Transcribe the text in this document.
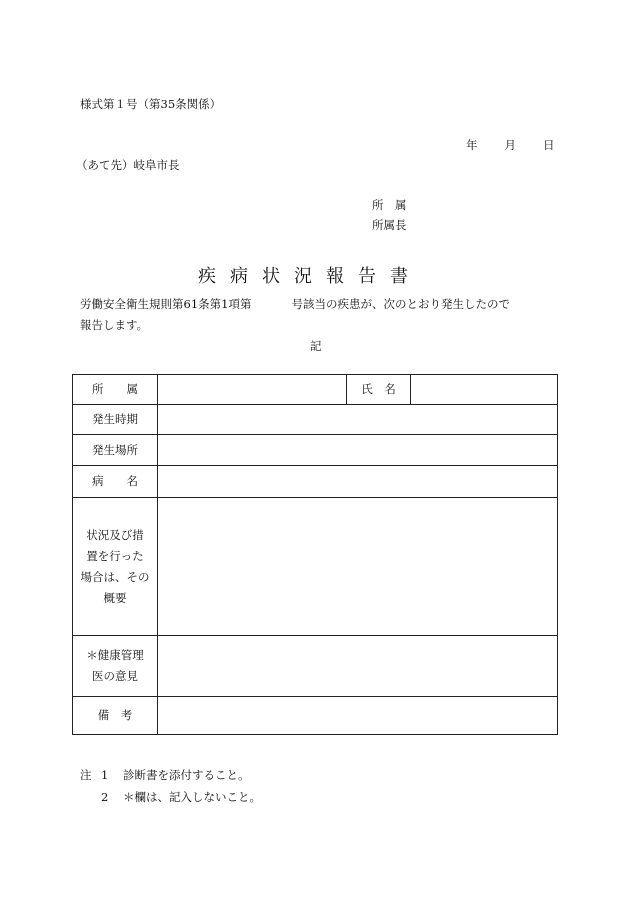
様式第１号（第35条関係）
年 月 日
（あて先）岐阜市長
所　属
所属長
疾病状況報告書
労働安全衛生規則第61条第1項第	号該当の疾患が、次のとおり発生したので
報告します。
記
所　　属		氏　名	
発生時期			
発生場所			
病　　名			

状況及び措
置を行った
場合は、その
概要			

＊健康管理
医の意見			

備　考			
注 1 診断書を添付すること。
2 ＊欄は、記入しないこと。
